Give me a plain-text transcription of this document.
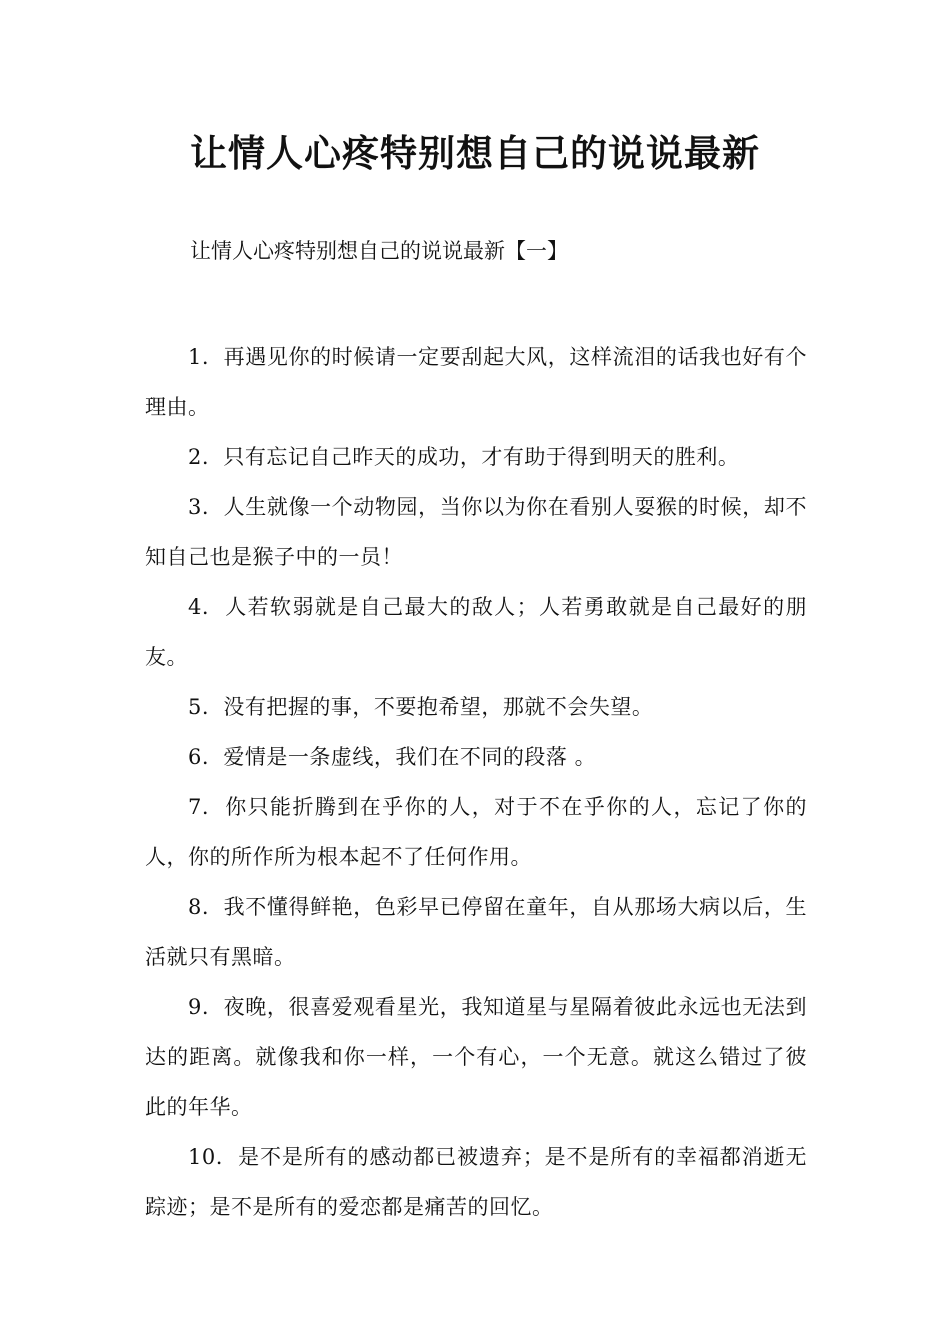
让情人心疼特别想自己的说说最新

让情人心疼特别想自己的说说最新【一】

1. 再遇见你的时候请一定要刮起大风，这样流泪的话我也好有个理由。
2. 只有忘记自己昨天的成功，才有助于得到明天的胜利。
3. 人生就像一个动物园，当你以为你在看别人耍猴的时候，却不知自己也是猴子中的一员！
4. 人若软弱就是自己最大的敌人；人若勇敢就是自己最好的朋友。
5. 没有把握的事，不要抱希望，那就不会失望。
6. 爱情是一条虚线，我们在不同的段落 。
7. 你只能折腾到在乎你的人，对于不在乎你的人，忘记了你的人，你的所作所为根本起不了任何作用。
8. 我不懂得鲜艳，色彩早已停留在童年，自从那场大病以后，生活就只有黑暗。
9. 夜晚，很喜爱观看星光，我知道星与星隔着彼此永远也无法到达的距离。就像我和你一样，一个有心，一个无意。就这么错过了彼此的年华。
10. 是不是所有的感动都已被遗弃；是不是所有的幸福都消逝无踪迹；是不是所有的爱恋都是痛苦的回忆。
